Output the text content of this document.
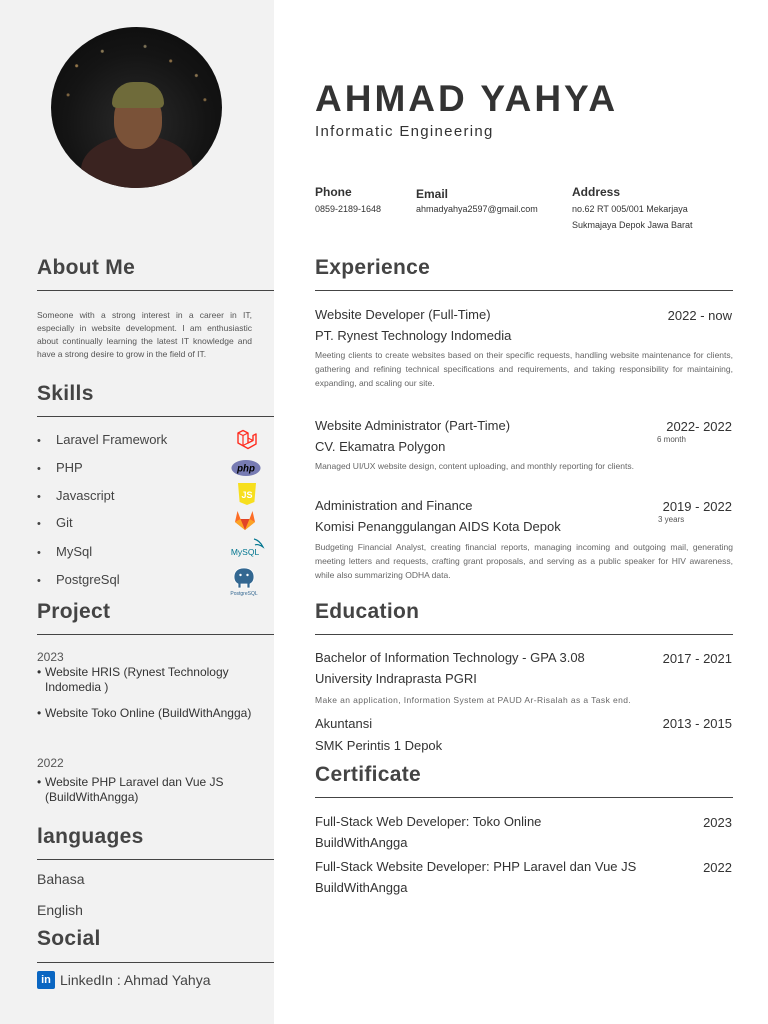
About Me
Someone with a strong interest in a career in IT, especially in website development. I am enthusiastic about continually learning the latest IT knowledge and have a strong desire to grow in the field of IT.
Skills
• Laravel Framework
• PHP	php
• Javascript	JS
• Git
• MySql	MySQL
• PostgreSql
PostgreSQL
Project
2023
• Website HRIS (Rynest Technology Indomedia )
• Website Toko Online (BuildWithAngga)
2022
• Website PHP Laravel dan Vue JS (BuildWithAngga)
languages
Bahasa
English
Social
in LinkedIn : Ahmad Yahya
AHMAD YAHYA
Informatic Engineering
Phone
0859-2189-1648
Email
ahmadyahya2597@gmail.com
Address
no.62 RT 005/001 Mekarjaya
Sukmajaya Depok Jawa Barat
Experience
Website Developer (Full-Time)	2022 - now
PT. Rynest Technology Indomedia
Meeting clients to create websites based on their specific requests, handling website maintenance for clients, gathering and refining technical specifications and requirements, and taking responsibility for maintaining, expanding, and scaling our site.
Website Administrator (Part-Time)	2022- 2022
6 month
CV. Ekamatra Polygon
Managed UI/UX website design, content uploading, and monthly reporting for clients.
Administration and Finance	2019 - 2022
3 years
Komisi Penanggulangan AIDS Kota Depok
Budgeting Financial Analyst, creating financial reports, managing incoming and outgoing mail, generating meeting letters and requests, crafting grant proposals, and serving as a public speaker for HIV awareness, while also summarizing ODHA data.
Education
Bachelor of Information Technology - GPA 3.08	2017 - 2021
University Indraprasta PGRI
Make an application, Information System at PAUD Ar-Risalah as a Task end.
Akuntansi	2013 - 2015
SMK Perintis 1 Depok
Certificate
Full-Stack Web Developer: Toko Online	2023
BuildWithAngga
Full-Stack Website Developer: PHP Laravel dan Vue JS	2022
BuildWithAngga
